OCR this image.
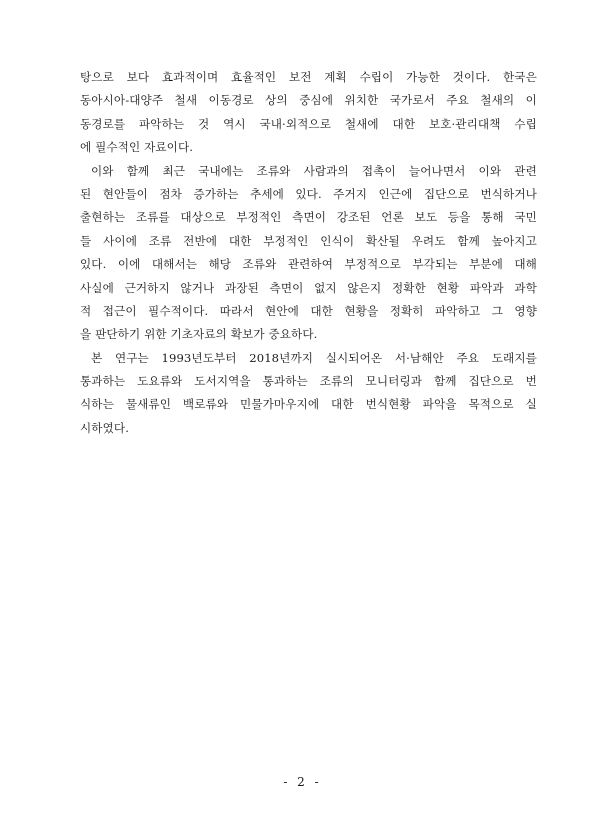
탕으로 보다 효과적이며 효율적인 보전 계획 수립이 가능한 것이다. 한국은
동아시아-대양주 철새 이동경로 상의 중심에 위치한 국가로서 주요 철새의 이
동경로를 파악하는 것 역시 국내·외적으로 철새에 대한 보호·관리대책 수립
에 필수적인 자료이다.
이와 함께 최근 국내에는 조류와 사람과의 접촉이 늘어나면서 이와 관련
된 현안들이 점차 증가하는 추세에 있다. 주거지 인근에 집단으로 번식하거나
출현하는 조류를 대상으로 부정적인 측면이 강조된 언론 보도 등을 통해 국민
들 사이에 조류 전반에 대한 부정적인 인식이 확산될 우려도 함께 높아지고
있다. 이에 대해서는 해당 조류와 관련하여 부정적으로 부각되는 부분에 대해
사실에 근거하지 않거나 과장된 측면이 없지 않은지 정확한 현황 파악과 과학
적 접근이 필수적이다. 따라서 현안에 대한 현황을 정확히 파악하고 그 영향
을 판단하기 위한 기초자료의 확보가 중요하다.
본 연구는 1993년도부터 2018년까지 실시되어온 서·남해안 주요 도래지를
통과하는 도요류와 도서지역을 통과하는 조류의 모니터링과 함께 집단으로 번
식하는 물새류인 백로류와 민물가마우지에 대한 번식현황 파악을 목적으로 실
시하였다.
- 2 -
